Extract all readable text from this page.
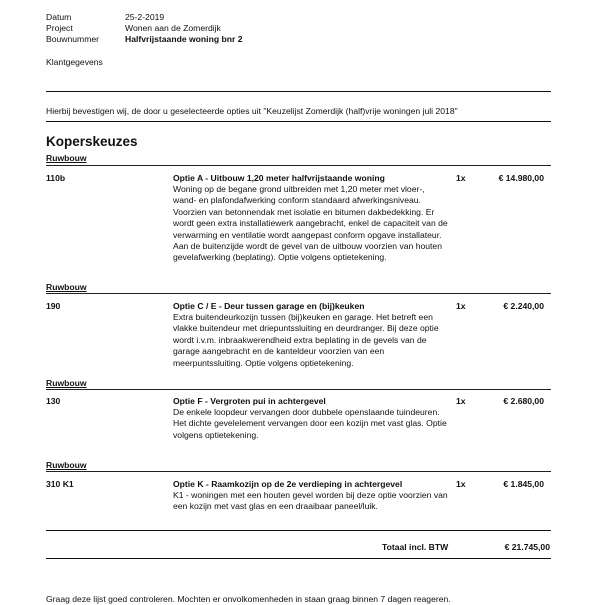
Datum	25-2-2019
Project	Wonen aan de Zomerdijk
Bouwnummer	Halfvrijstaande woning bnr 2
Klantgegevens
Hierbij bevestigen wij, de door u geselecteerde opties uit "Keuzelijst Zomerdijk (half)vrije woningen juli 2018"
Koperskeuzes
Ruwbouw
110b	Optie A - Uitbouw 1,20 meter halfvrijstaande woning	1x	€ 14.980,00
Woning op de begane grond uitbreiden met 1,20 meter met vloer-, wand- en plafondafwerking conform standaard afwerkingsniveau. Voorzien van betonnendak met isolatie en bitumen dakbedekking. Er wordt geen extra installatiewerk aangebracht, enkel de capaciteit van de verwarming en ventilatie wordt aangepast conform opgave installateur. Aan de buitenzijde wordt de gevel van de uitbouw voorzien van houten gevelafwerking (beplating). Optie volgens optietekening.
Ruwbouw
190	Optie C / E - Deur tussen garage en (bij)keuken	1x	€ 2.240,00
Extra buitendeurkozijn tussen (bij)keuken en garage. Het betreft een vlakke buitendeur met driepuntssluiting en deurdranger. Bij deze optie wordt i.v.m. inbraakwerendheid extra beplating in de gevels van de garage aangebracht en de kanteldeur voorzien van een meerpuntssluiting. Optie volgens optietekening.
Ruwbouw
130	Optie F - Vergroten pui in achtergevel	1x	€ 2.680,00
De enkele loopdeur vervangen door dubbele openslaande tuindeuren. Het dichte gevelelement vervangen door een kozijn met vast glas. Optie volgens optietekening.
Ruwbouw
310 K1	Optie K - Raamkozijn op de 2e verdieping in achtergevel	1x	€ 1.845,00
K1 - woningen met een houten gevel worden bij deze optie voorzien van een kozijn met vast glas en een draaibaar paneel/luik.
Totaal incl. BTW	€ 21.745,00
Graag deze lijst goed controleren. Mochten er onvolkomenheden in staan graag binnen 7 dagen reageren.
